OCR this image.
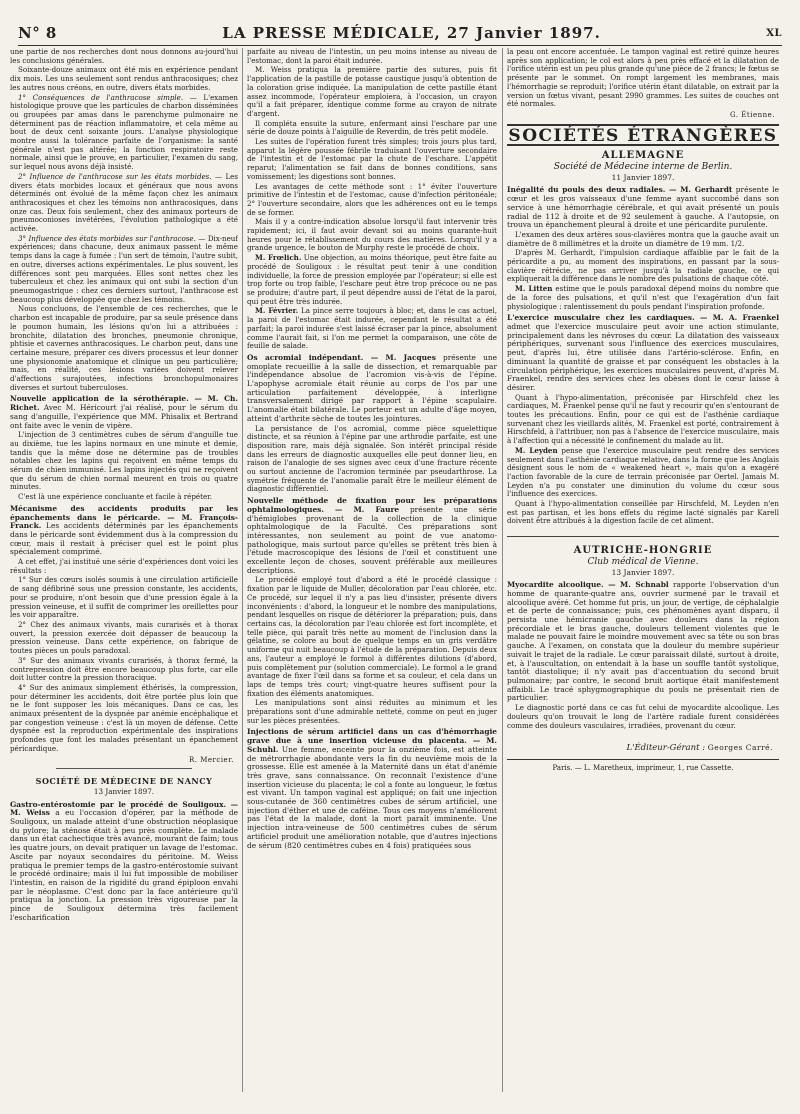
N° 8	LA PRESSE MÉDICALE, 27 Janvier 1897.	XL

une partie de nos recherches dont nous donnons au-jourd'hui les conclusions générales.

Soixante-douze animaux ont été mis en expérience pendant dix mois. Les uns seulement sont rendus anthracosiques; chez les autres nous créons, en outre, divers états morbides.

1° Conséquences de l'anthracose simple. — L'examen histologique prouve que les particules de charbon disséminées ou groupées par amas dans le parenchyme pulmonaire ne déterminent pas de réaction inflammatoire, et cela même au bout de deux cent soixante jours. L'analyse physiologique montre aussi la tolérance parfaite de l'organisme: la santé générale n'est pas altérée; la fonction respiratoire reste normale, ainsi que le prouve, en particulier, l'examen du sang, sur lequel nous avons déjà insisté.

2° Influence de l'anthracose sur les états morbides. — Les divers états morbides locaux et généraux que nous avons déterminés ont évolué de la même façon chez les animaux anthracosiques et chez les témoins non anthracosiques, dans onze cas. Deux fois seulement, chez des animaux porteurs de pneumoconioses invétérées, l'évolution pathologique a été activée.

3° Influence des états morbides sur l'anthracose. — Dix-neuf expériences; dans chacune, deux animaux passent le même temps dans la cage à fumée : l'un sert de témoin, l'autre subit, en outre, diverses actions expérimentales. Le plus souvent, les différences sont peu marquées. Elles sont nettes chez les tuberculeux et chez les animaux qui ont subi la section d'un pneumogastrique : chez ces derniers surtout, l'anthracose est beaucoup plus développée que chez les témoins.

Nous concluons, de l'ensemble de ces recherches, que le charbon est incapable de produire, par sa seule présence dans le poumon humain, les lésions qu'on lui a attribuées : bronchite, dilatation des bronches, pneumonie chronique, phtisie et cavernes anthracosiques. Le charbon peut, dans une certaine mesure, préparer ces divers processus et leur donner une physionomie anatomique et clinique un peu particulière; mais, en réalité, ces lésions variées doivent relever d'affections surajoutées, infections bronchopulmonaires diverses et surtout tuberculoses.

Nouvelle application de la sérothérapie. — M. Ch. Richet. Avec M. Héricourt j'ai réalisé, pour le sérum du sang d'anguille, l'expérience que MM. Phisalix et Bertrand ont faite avec le venin de vipère.

L'injection de 3 centimètres cubes de sérum d'anguille tue au dixième, tue les lapins normaux en une minute et demie, tandis que la même dose ne détermine pas de troubles notables chez les lapins qui reçoivent en même temps du sérum de chien immunisé. Les lapins injectés qui ne reçoivent que du sérum de chien normal meurent en trois ou quatre minutes.

C'est là une expérience concluante et facile à répéter.

Mécanisme des accidents produits par les épanchements dans le péricarde. — M. François-Franck. Les accidents déterminés par les épanchements dans le péricarde sont évidemment dus à la compression du cœur, mais il restait à préciser quel est le point plus spécialement comprimé.

A cet effet, j'ai institué une série d'expériences dont voici les résultats :

1° Sur des cœurs isolés soumis à une circulation artificielle de sang défibriné sous une pression constante, les accidents, pour se produire, n'ont besoin que d'une pression égale à la pression veineuse, et il suffit de comprimer les oreillettes pour les voir apparaître.

2° Chez des animaux vivants, mais curarisés et à thorax ouvert, la pression exercée doit dépasser de beaucoup la pression veineuse. Dans cette expérience, on fabrique de toutes pièces un pouls paradoxal.

3° Sur des animaux vivants curarisés, à thorax fermé, la contrepression doit être encore beaucoup plus forte, car elle doit lutter contre la pression thoracique.

4° Sur des animaux simplement éthérisés, la compression, pour déterminer les accidents, doit être portée plus loin que ne le font supposer les lois mécaniques. Dans ce cas, les animaux présentent de la dyspnée par anémie encéphalique et par congestion veineuse : c'est là un moyen de défense. Cette dyspnée est la reproduction expérimentale des inspirations profondes que font les malades présentant un épanchement péricardique.

R. Mercier.
SOCIÉTÉ DE MÉDECINE DE NANCY
13 Janvier 1897.
Gastro-entérostomie par le procédé de Souligoux. — M. Weiss a eu l'occasion d'opérer, par la méthode de Souligoux, un malade atteint d'une obstruction néoplasique du pylore; la sténose était à peu près complète. Le malade dans un état cachectique très avancé, mourant de faim; tous les quatre jours, on devait pratiquer un lavage de l'estomac. Ascite par noyaux secondaires du péritoine. M. Weiss pratiqua le premier temps de la gastro-entérostomie suivant le procédé ordinaire; mais il lui fut impossible de mobiliser l'intestin, en raison de la rigidité du grand épiploon envahi par le néoplasme. C'est donc par la face antérieure qu'il pratiqua la jonction. La pression très vigoureuse par la pince de Souligoux détermina très facilement l'escharification

parfaite au niveau de l'intestin, un peu moins intense au niveau de l'estomac, dont la paroi était indurée.

M. Weiss pratiqua la première partie des sutures, puis fit l'application de la pastille de potasse caustique jusqu'à obtention de la coloration grise indiquée. La manipulation de cette pastille étant assez incommode, l'opérateur emploiera, à l'occasion, un crayon qu'il a fait préparer, identique comme forme au crayon de nitrate d'argent.

Il compléta ensuite la suture, enfermant ainsi l'eschare par une série de douze points à l'aiguille de Reverdin, de très petit modèle.

Les suites de l'opération furent très simples; trois jours plus tard, apparut la légère poussée fébrile traduisant l'ouverture secondaire de l'intestin et de l'estomac par la chute de l'eschare. L'appétit reparut; l'alimentation se fait dans de bonnes conditions, sans vomissement; les digestions sont bonnes.

Les avantages de cette méthode sont : 1° éviter l'ouverture primitive de l'intestin et de l'estomac, cause d'infection péritonéale; 2° l'ouverture secondaire, alors que les adhérences ont eu le temps de se former.

Mais il y a contre-indication absolue lorsqu'il faut intervenir très rapidement; ici, il faut avoir devant soi au moins quarante-huit heures pour le rétablissement du cours des matières. Lorsqu'il y a grande urgence, le bouton de Murphy reste le procédé de choix.

M. Frœlich. Une objection, au moins théorique, peut être faite au procédé de Souligoux : le résultat peut tenir à une condition individuelle, la force de pression employée par l'opérateur; si elle est trop forte ou trop faible, l'eschare peut être trop précoce ou ne pas se produire; d'autre part, il peut dépendre aussi de l'état de la paroi, qui peut être très indurée.

M. Février. La pince serre toujours à bloc; et, dans le cas actuel, la paroi de l'estomac était indurée, cependant le résultat a été parfait; la paroi indurée s'est laissé écraser par la pince, absolument comme l'aurait fait, si l'on me permet la comparaison, une côte de feuille de salade.

Os acromial indépendant. — M. Jacques présente une omoplate recueillie à la salle de dissection, et remarquable par l'indépendance absolue de l'acromion vis-à-vis de l'épine. L'apophyse acromiale était réunie au corps de l'os par une articulation parfaitement développée, à interligne transversalement dirigé par rapport à l'épine scapulaire. L'anomalie était bilatérale. Le porteur est un adulte d'âge moyen, atteint d'arthrite sèche de toutes les jointures.

La persistance de l'os acromial, comme pièce squelettique distincte, et sa réunion à l'épine par une arthrodie parfaite, est une disposition rare, mais déjà signalée. Son intérêt principal réside dans les erreurs de diagnostic auxquelles elle peut donner lieu, en raison de l'analogie de ses signes avec ceux d'une fracture récente ou surtout ancienne de l'acromion terminée par pseudarthrose. La symétrie fréquente de l'anomalie paraît être le meilleur élément de diagnostic différentiel.

Nouvelle méthode de fixation pour les préparations ophtalmologiques. — M. Faure présente une série d'hémiglobes provenant de la collection de la clinique ophtalmologique de la Faculté. Ces préparations sont intéressantes, non seulement au point de vue anatomo-pathologique, mais surtout parce qu'elles se prêtent très bien à l'étude macroscopique des lésions de l'œil et constituent une excellente leçon de choses, souvent préférable aux meilleures descriptions.

Le procédé employé tout d'abord a été le procédé classique : fixation par le liquide de Muller, décoloration par l'eau chlorée, etc. Ce procédé, sur lequel il n'y a pas lieu d'insister, présente divers inconvénients : d'abord, la longueur et le nombre des manipulations, pendant lesquelles on risque de détériorer la préparation; puis, dans certains cas, la décoloration par l'eau chlorée est fort incomplète, et telle pièce, qui paraît très nette au moment de l'inclusion dans la gélatine, se colore au bout de quelque temps en un gris verdâtre uniforme qui nuit beaucoup à l'étude de la préparation. Depuis deux ans, l'auteur a employé le formol à différentes dilutions (d'abord, puis complètement pur (solution commerciale). Le formol a le grand avantage de fixer l'œil dans sa forme et sa couleur, et cela dans un laps de temps très court; vingt-quatre heures suffisent pour la fixation des éléments anatomiques.

Les manipulations sont ainsi réduites au minimum et les préparations sont d'une admirable netteté, comme on peut en juger sur les pièces présentées.

Injections de sérum artificiel dans un cas d'hémorrhagie grave due à une insertion vicieuse du placenta. — M. Schuhl. Une femme, enceinte pour la onzième fois, est atteinte de métrorrhagie abondante vers la fin du neuvième mois de la grossesse. Elle est amenée à la Maternité dans un état d'anémie très grave, sans connaissance. On reconnaît l'existence d'une insertion vicieuse du placenta; le col a fonte au longueur, le fœtus est vivant. Un tampon vaginal est appliqué; on fait une injection sous-cutanée de 360 centimètres cubes de sérum artificiel, une injection d'éther et une de caféine. Tous ces moyens n'améliorent pas l'état de la malade, dont la mort paraît imminente. Une injection intra-veineuse de 500 centimètres cubes de sérum artificiel produit une amélioration notable, que d'autres injections de sérum (820 centimètres cubes en 4 fois) pratiquées sous

la peau ont encore accentuée. Le tampon vaginal est retiré quinze heures après son application; le col est alors à peu près effacé et la dilatation de l'orifice utérin est un peu plus grande qu'une pièce de 2 francs; le fœtus se présente par le sommet. On rompt largement les membranes, mais l'hémorrhagie se reproduit; l'orifice utérin étant dilatable, on extrait par la version un fœtus vivant, pesant 2990 grammes. Les suites de couches ont été normales.

G. Étienne.
SOCIÉTÉS ÉTRANGÈRES
ALLEMAGNE
Société de Médecine interne de Berlin.
11 Janvier 1897.
Inégalité du pouls des deux radiales. — M. Gerhardt présente le cœur et les gros vaisseaux d'une femme ayant succombé dans son service à une hémorrhagie cérébrale, et qui avait présenté un pouls radial de 112 à droite et de 92 seulement à gauche. A l'autopsie, on trouva un épanchement pleural à droite et une péricardite purulente.

L'examen des deux artères sous-clavières montra que la gauche avait un diamètre de 8 millimètres et la droite un diamètre de 19 mm. 1/2.

D'après M. Gerhardt, l'impulsion cardiaque affaiblie par le fait de la péricardite a pu, au moment des inspirations, en passant par la sous-clavière rétrécie, ne pas arriver jusqu'à la radiale gauche, ce qui expliquerait la différence dans le nombre des pulsations de chaque côté.

M. Litten estime que le pouls paradoxal dépend moins du nombre que de la force des pulsations, et qu'il n'est que l'exagération d'un fait physiologique : ralentissement du pouls pendant l'inspiration profonde.

L'exercice musculaire chez les cardiaques. — M. A. Fraenkel admet que l'exercice musculaire peut avoir une action stimulante, principalement dans les névroses du cœur. La dilatation des vaisseaux périphériques, survenant sous l'influence des exercices musculaires, peut, d'après lui, être utilisée dans l'artério-sclérose. Enfin, en diminuant la quantité de graisse et par conséquent les obstacles à la circulation périphérique, les exercices musculaires peuvent, d'après M. Fraenkel, rendre des services chez les obèses dont le cœur laisse à désirer.

Quant à l'hypo-alimentation, préconisée par Hirschfeld chez les cardiaques, M. Fraenkel pense qu'il ne faut y recourir qu'en s'entourant de toutes les précautions. Enfin, pour ce qui est de l'asthénie cardiaque survenant chez les vieillards alités, M. Fraenkel est porté, contrairement à Hirschfeld, à l'attribuer, non pas à l'absence de l'exercice musculaire, mais à l'affection qui a nécessité le confinement du malade au lit.

M. Leyden pense que l'exercice musculaire peut rendre des services seulement dans l'asthénie cardiaque relative, dans la forme que les Anglais désignent sous le nom de « weakened heart », mais qu'on a exagéré l'action favorable de la cure de terrain préconisée par Oertel. Jamais M. Leyden n'a pu constater une diminution du volume du cœur sous l'influence des exercices.

Quant à l'hypo-alimentation conseillée par Hirschfeld, M. Leyden n'en est pas partisan, et les bons effets du régime lacté signalés par Karell doivent être attribués à la digestion facile de cet aliment.

AUTRICHE-HONGRIE
Club médical de Vienne.
13 Janvier 1897.
Myocardite alcoolique. — M. Schnabl rapporte l'observation d'un homme de quarante-quatre ans, ouvrier surmené par le travail et alcoolique avéré. Cet homme fut pris, un jour, de vertige, de céphalalgie et de perte de connaissance; puis, ces phénomènes ayant disparu, il persista une hémicranie gauche avec douleurs dans la région précordiale et le bras gauche, douleurs tellement violentes que le malade ne pouvait faire le moindre mouvement avec sa tête ou son bras gauche. A l'examen, on constata que la douleur du membre supérieur suivait le trajet de la radiale. Le cœur paraissait dilaté, surtout à droite, et, à l'auscultation, on entendait à la base un souffle tantôt systolique, tantôt diastolique; il n'y avait pas d'accentuation du second bruit pulmonaire; par contre, le second bruit aortique était manifestement affaibli. Le tracé sphygmographique du pouls ne présentait rien de particulier.

Le diagnostic porté dans ce cas fut celui de myocardite alcoolique. Les douleurs qu'on trouvait le long de l'artère radiale furent considérées comme des douleurs vasculaires, irradiées, provenant du cœur.

L'Éditeur-Gérant : Georges Carré.
Paris. — L. Maretheux, imprimeur, 1, rue Cassette.
